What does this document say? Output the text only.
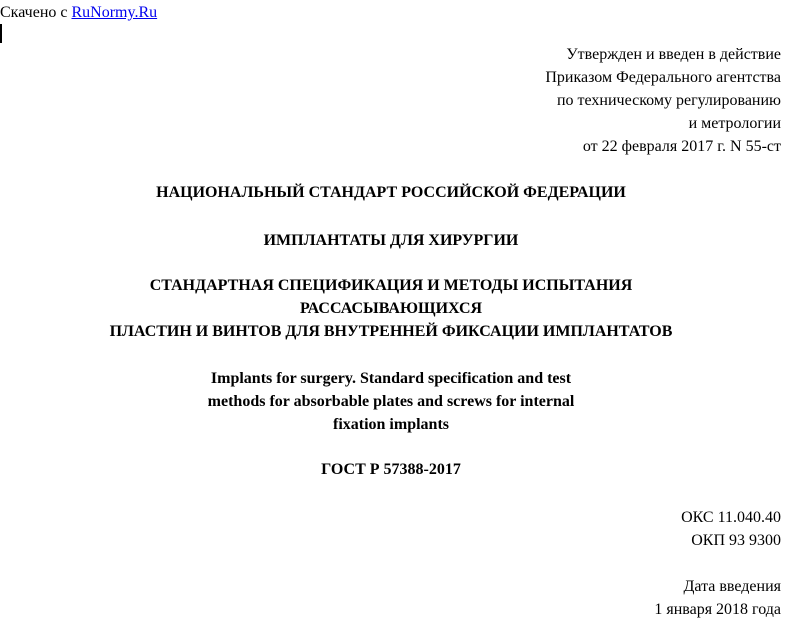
Скачено с RuNormy.Ru
Утвержден и введен в действие
Приказом Федерального агентства
по техническому регулированию
и метрологии
от 22 февраля 2017 г. N 55-ст
НАЦИОНАЛЬНЫЙ СТАНДАРТ РОССИЙСКОЙ ФЕДЕРАЦИИ
ИМПЛАНТАТЫ ДЛЯ ХИРУРГИИ
СТАНДАРТНАЯ СПЕЦИФИКАЦИЯ И МЕТОДЫ ИСПЫТАНИЯ
РАССАСЫВАЮЩИХСЯ
ПЛАСТИН И ВИНТОВ ДЛЯ ВНУТРЕННЕЙ ФИКСАЦИИ ИМПЛАНТАТОВ
Implants for surgery. Standard specification and test
methods for absorbable plates and screws for internal
fixation implants
ГОСТ Р 57388-2017
ОКС 11.040.40
ОКП 93 9300
Дата введения
1 января 2018 года
